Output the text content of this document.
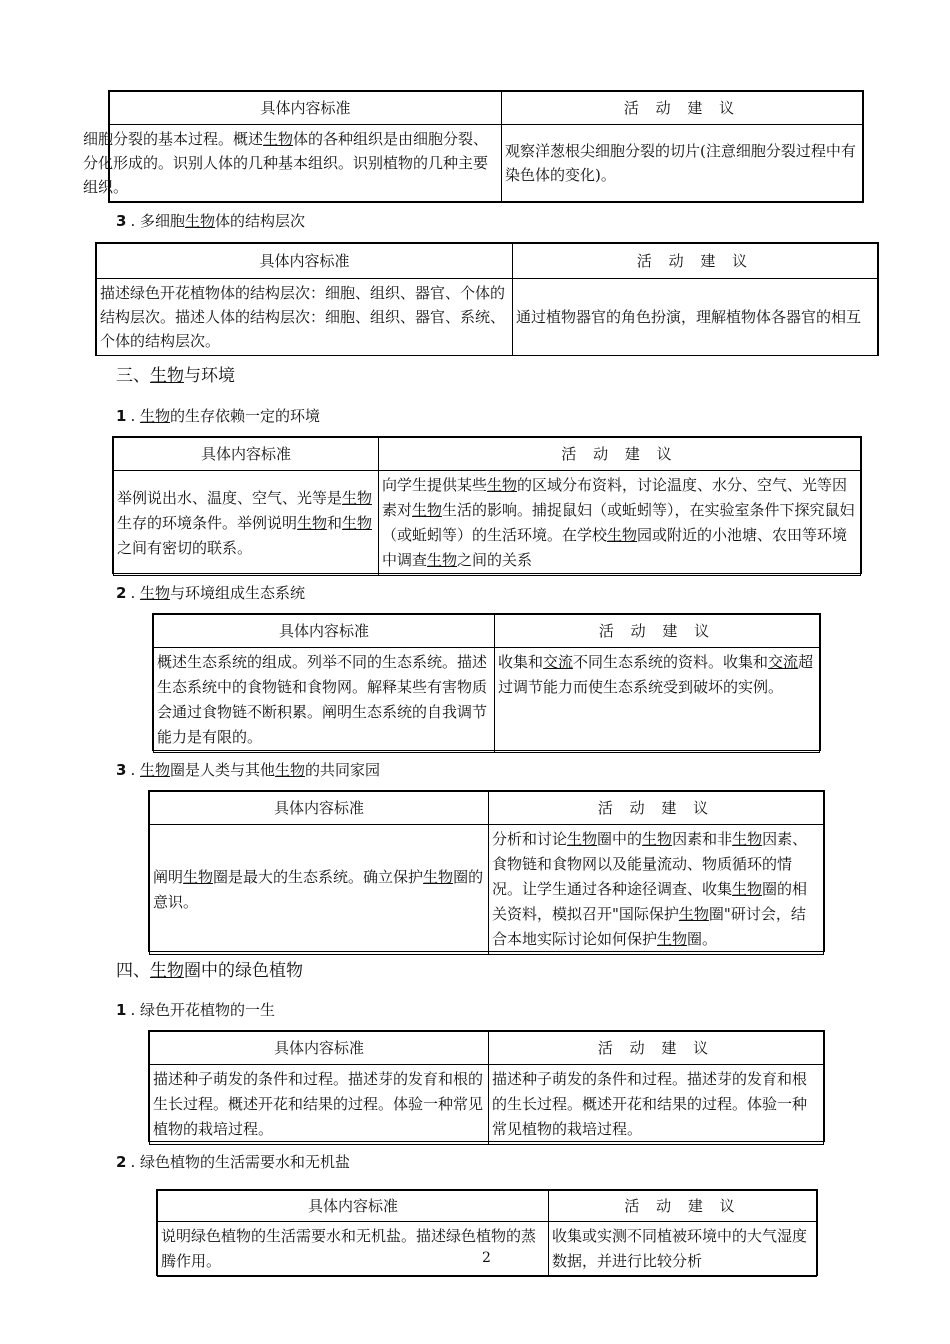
具体内容标准	活 动 建 议

细胞分裂的基本过程。概述生物体的各种组织是由细胞分裂、分化形成的。识别人体的几种基本组织。识别植物的几种主要组织。	观察洋葱根尖细胞分裂的切片(注意细胞分裂过程中有染色体的变化)。
3 . 多细胞生物体的结构层次
具体内容标准	活 动 建 议

描述绿色开花植物体的结构层次：细胞、组织、器官、个体的结构层次。描述人体的结构层次：细胞、组织、器官、系统、个体的结构层次。	通过植物器官的角色扮演，理解植物体各器官的相互
三、生物与环境
1 . 生物的生存依赖一定的环境
具体内容标准	活 动 建 议

举例说出水、温度、空气、光等是生物生存的环境条件。举例说明生物和生物之间有密切的联系。	向学生提供某些生物的区域分布资料，讨论温度、水分、空气、光等因素对生物生活的影响。捕捉鼠妇（或蚯蚓等），在实验室条件下探究鼠妇（或蚯蚓等）的生活环境。在学校生物园或附近的小池塘、农田等环境中调查生物之间的关系
2 . 生物与环境组成生态系统
具体内容标准	活 动 建 议

概述生态系统的组成。列举不同的生态系统。描述生态系统中的食物链和食物网。解释某些有害物质会通过食物链不断积累。阐明生态系统的自我调节能力是有限的。	收集和交流不同生态系统的资料。收集和交流超过调节能力而使生态系统受到破坏的实例。
3 . 生物圈是人类与其他生物的共同家园
具体内容标准	活 动 建 议

阐明生物圈是最大的生态系统。确立保护生物圈的意识。	分析和讨论生物圈中的生物因素和非生物因素、食物链和食物网以及能量流动、物质循环的情况。让学生通过各种途径调查、收集生物圈的相关资料，模拟召开"国际保护生物圈"研讨会，结合本地实际讨论如何保护生物圈。
四、生物圈中的绿色植物
1 . 绿色开花植物的一生
具体内容标准	活 动 建 议

描述种子萌发的条件和过程。描述芽的发育和根的生长过程。概述开花和结果的过程。体验一种常见植物的栽培过程。	描述种子萌发的条件和过程。描述芽的发育和根的生长过程。概述开花和结果的过程。体验一种常见植物的栽培过程。
2 . 绿色植物的生活需要水和无机盐
具体内容标准	活 动 建 议

说明绿色植物的生活需要水和无机盐。描述绿色植物的蒸腾作用。	收集或实测不同植被环境中的大气湿度数据，并进行比较分析
2
